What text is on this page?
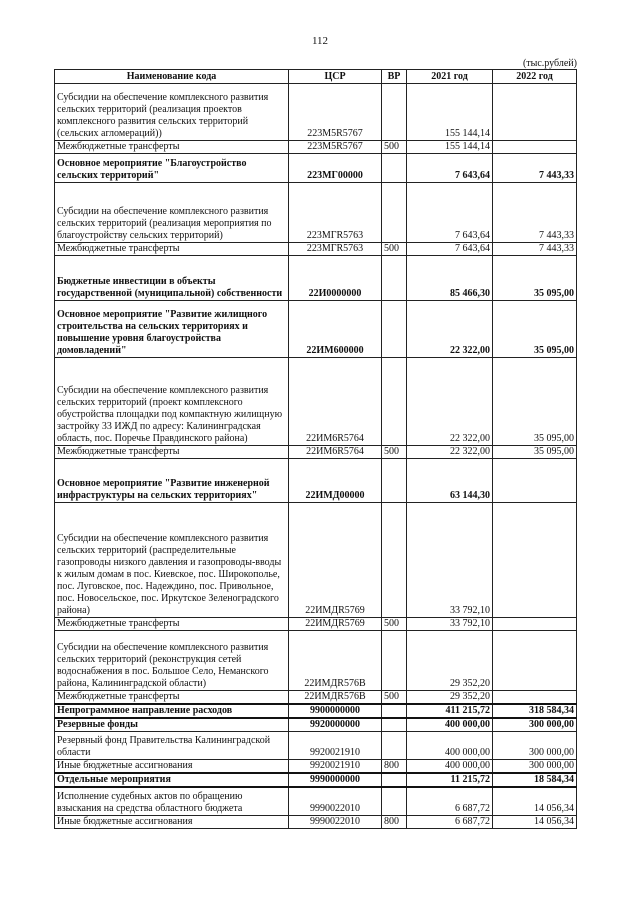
112
(тыс.рублей)
Наименование кода	ЦСР	ВР	2021 год	2022 год
Субсидии на обеспечение комплексного развития сельских территорий (реализация проектов комплексного развития сельских территорий (сельских агломераций))	223M5R5767		155 144,14	
Межбюджетные трансферты	223M5R5767	500	155 144,14	
Основное мероприятие "Благоустройство сельских территорий"	223MГ00000		7 643,64	7 443,33
Субсидии на обеспечение комплексного развития сельских территорий (реализация мероприятия по благоустройству сельских территорий)	223MГR5763		7 643,64	7 443,33
Межбюджетные трансферты	223MГR5763	500	7 643,64	7 443,33
Бюджетные инвестиции в объекты государственной (муниципальной) собственности	22И0000000		85 466,30	35 095,00
Основное мероприятие "Развитие жилищного строительства на сельских территориях и повышение уровня благоустройства домовладений"	22ИМ600000		22 322,00	35 095,00
Субсидии на обеспечение комплексного развития сельских территорий (проект комплексного обустройства площадки под компактную жилищную застройку 33 ИЖД по адресу: Калининградская область, пос. Поречье Правдинского района)	22ИМ6R5764		22 322,00	35 095,00
Межбюджетные трансферты	22ИМ6R5764	500	22 322,00	35 095,00
Основное мероприятие "Развитие инженерной инфраструктуры на сельских территориях"	22ИМД00000		63 144,30	
Субсидии на обеспечение комплексного развития сельских территорий (распределительные газопроводы низкого давления и газопроводы-вводы к жилым домам в пос. Киевское, пос. Широкополье, пос. Луговское, пос. Надеждино, пос. Привольное, пос. Новосельское, пос. Иркутское Зеленоградского района)	22ИМДR5769		33 792,10	
Межбюджетные трансферты	22ИМДR5769	500	33 792,10	
Субсидии на обеспечение комплексного развития сельских территорий (реконструкция сетей водоснабжения в пос. Большое Село, Неманского района, Калининградской области)	22ИМДR576B		29 352,20	
Межбюджетные трансферты	22ИМДR576B	500	29 352,20	
Непрограммное направление расходов	9900000000		411 215,72	318 584,34
Резервные фонды	9920000000		400 000,00	300 000,00
Резервный фонд Правительства Калининградской области	9920021910		400 000,00	300 000,00
Иные бюджетные ассигнования	9920021910	800	400 000,00	300 000,00
Отдельные мероприятия	9990000000		11 215,72	18 584,34
Исполнение судебных актов по обращению взыскания на средства областного бюджета	9990022010		6 687,72	14 056,34
Иные бюджетные ассигнования	9990022010	800	6 687,72	14 056,34
